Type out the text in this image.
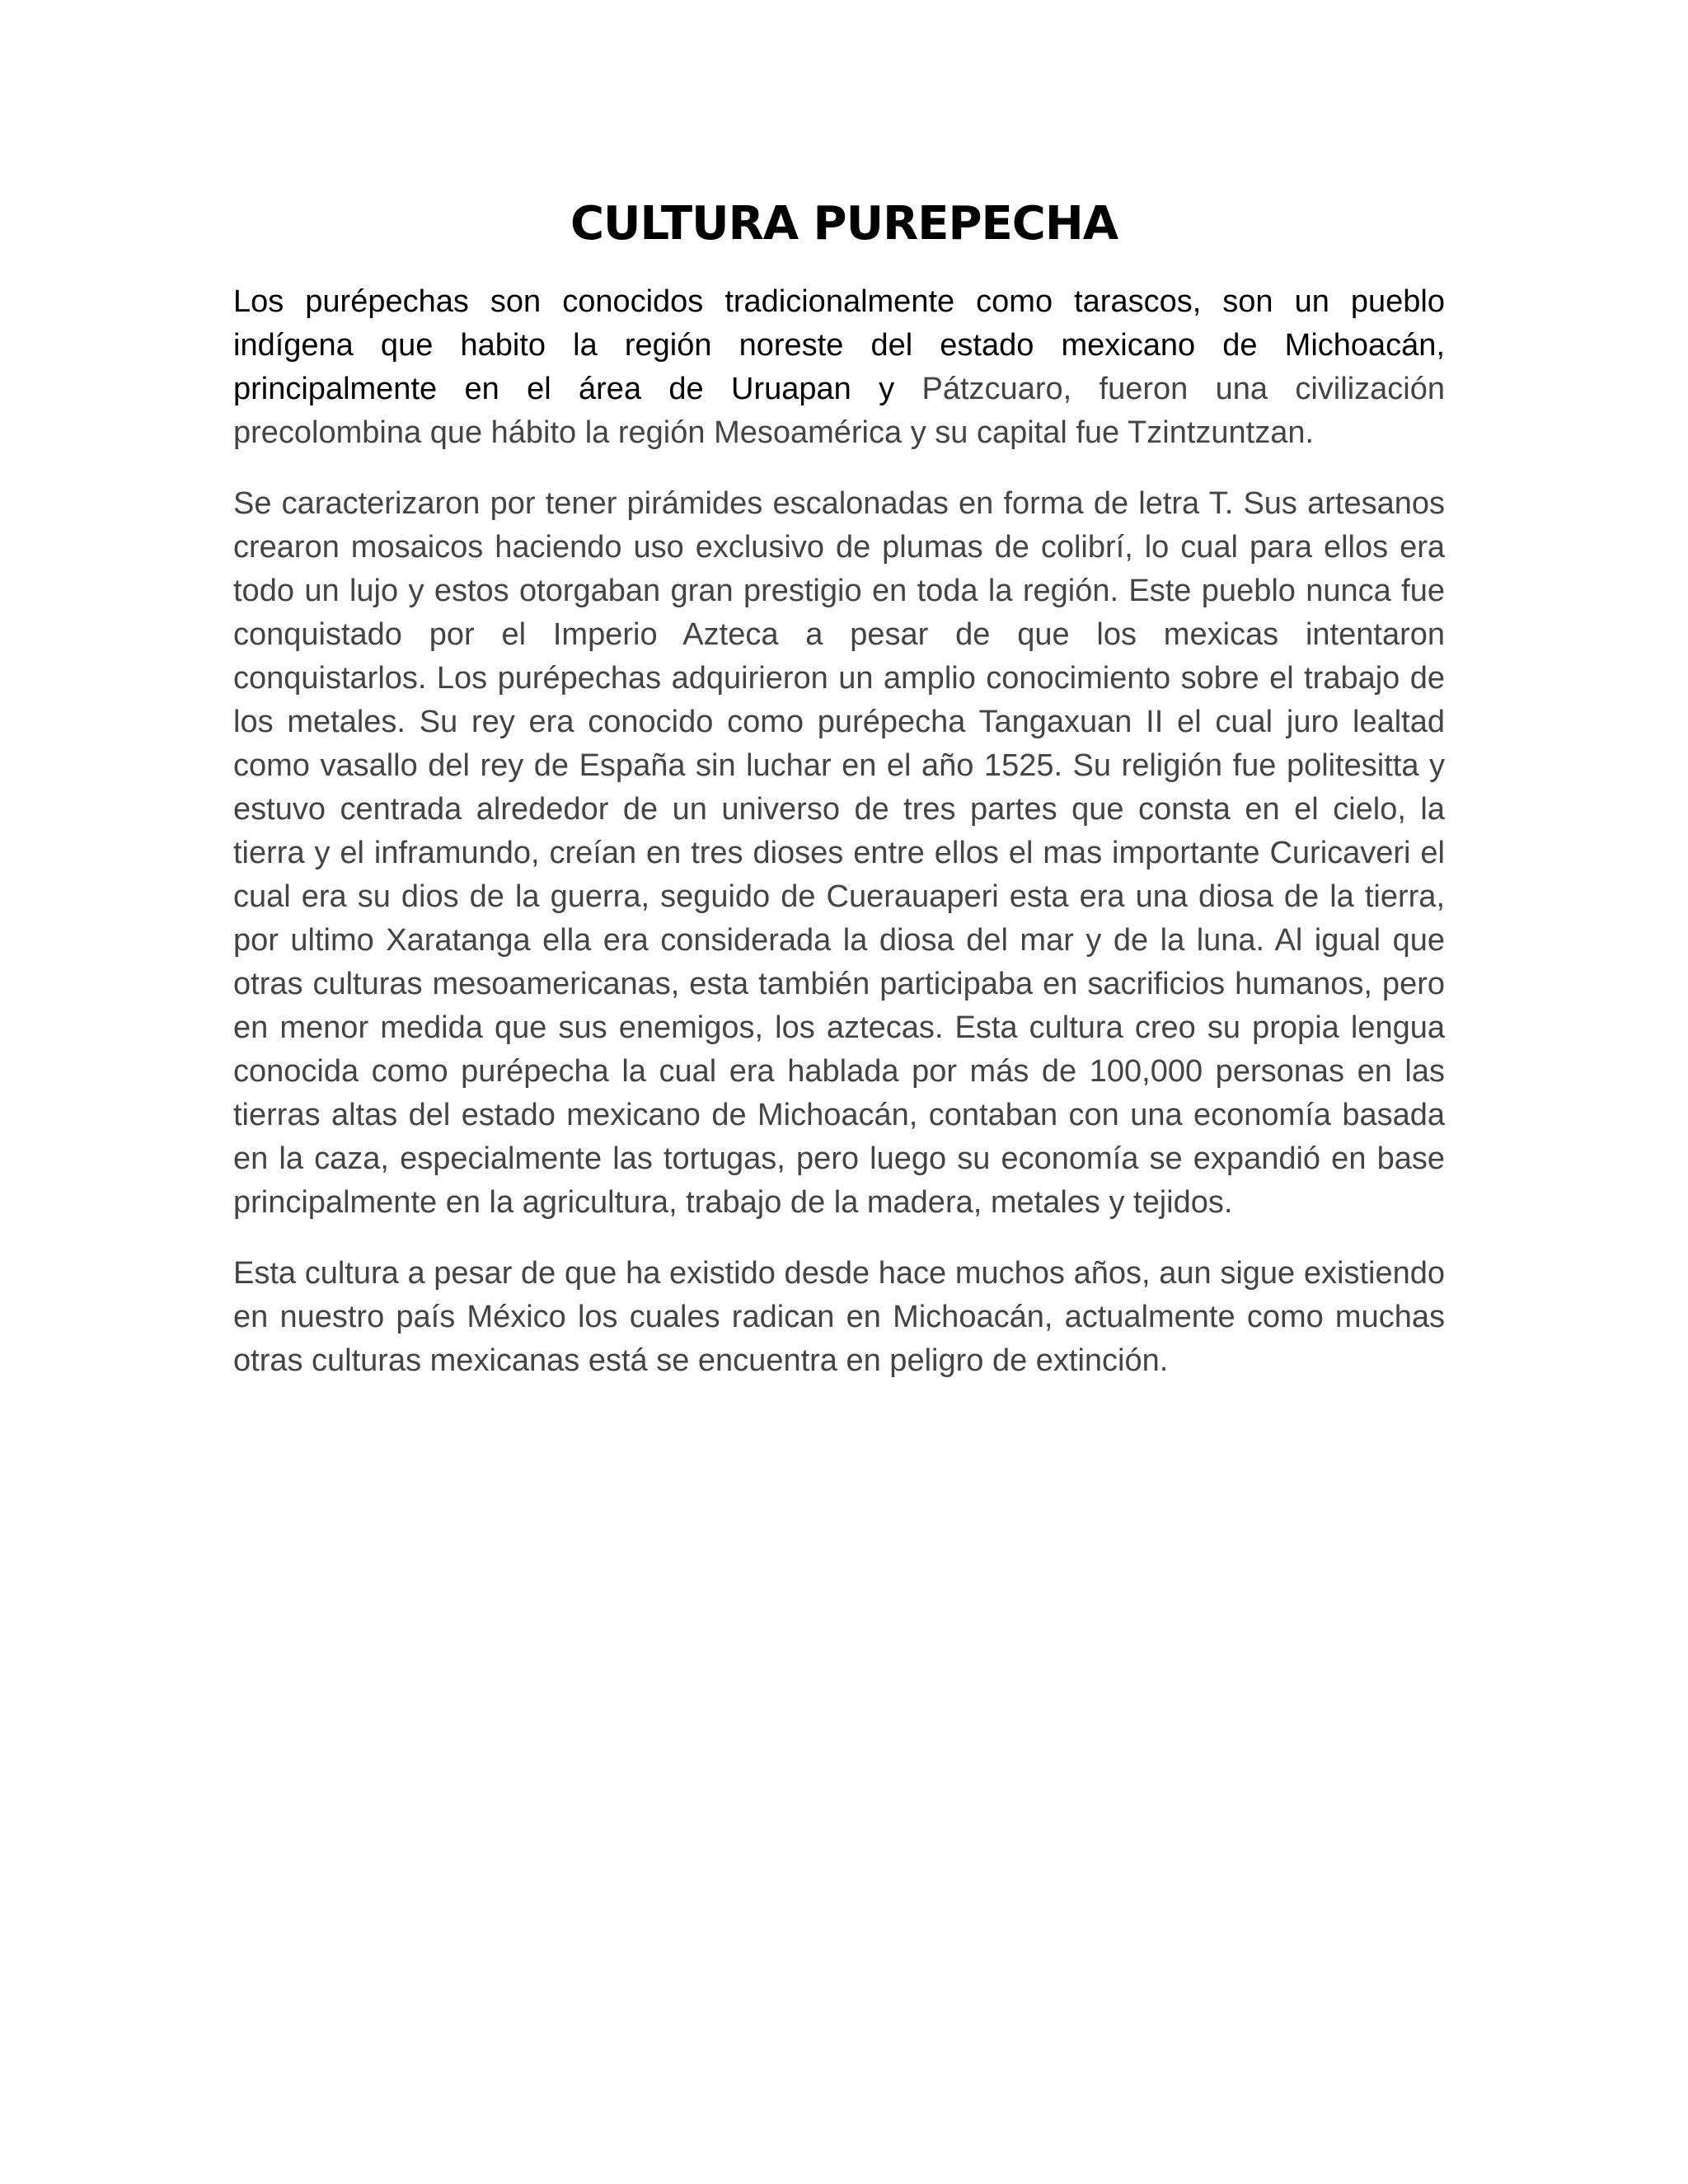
CULTURA PUREPECHA

Los purépechas son conocidos tradicionalmente como tarascos, son un pueblo indígena que habito la región noreste del estado mexicano de Michoacán, principalmente en el área de Uruapan y Pátzcuaro, fueron una civilización precolombina que hábito la región Mesoamérica y su capital fue Tzintzuntzan.

Se caracterizaron por tener pirámides escalonadas en forma de letra T. Sus artesanos crearon mosaicos haciendo uso exclusivo de plumas de colibrí, lo cual para ellos era todo un lujo y estos otorgaban gran prestigio en toda la región. Este pueblo nunca fue conquistado por el Imperio Azteca a pesar de que los mexicas intentaron conquistarlos. Los purépechas adquirieron un amplio conocimiento sobre el trabajo de los metales. Su rey era conocido como purépecha Tangaxuan II el cual juro lealtad como vasallo del rey de España sin luchar en el año 1525. Su religión fue politesitta y estuvo centrada alrededor de un universo de tres partes que consta en el cielo, la tierra y el inframundo, creían en tres dioses entre ellos el mas importante Curicaveri el cual era su dios de la guerra, seguido de Cuerauaperi esta era una diosa de la tierra, por ultimo Xaratanga ella era considerada la diosa del mar y de la luna. Al igual que otras culturas mesoamericanas, esta también participaba en sacrificios humanos, pero en menor medida que sus enemigos, los aztecas. Esta cultura creo su propia lengua conocida como purépecha la cual era hablada por más de 100,000 personas en las tierras altas del estado mexicano de Michoacán, contaban con una economía basada en la caza, especialmente las tortugas, pero luego su economía se expandió en base principalmente en la agricultura, trabajo de la madera, metales y tejidos.

Esta cultura a pesar de que ha existido desde hace muchos años, aun sigue existiendo en nuestro país México los cuales radican en Michoacán, actualmente como muchas otras culturas mexicanas está se encuentra en peligro de extinción.
